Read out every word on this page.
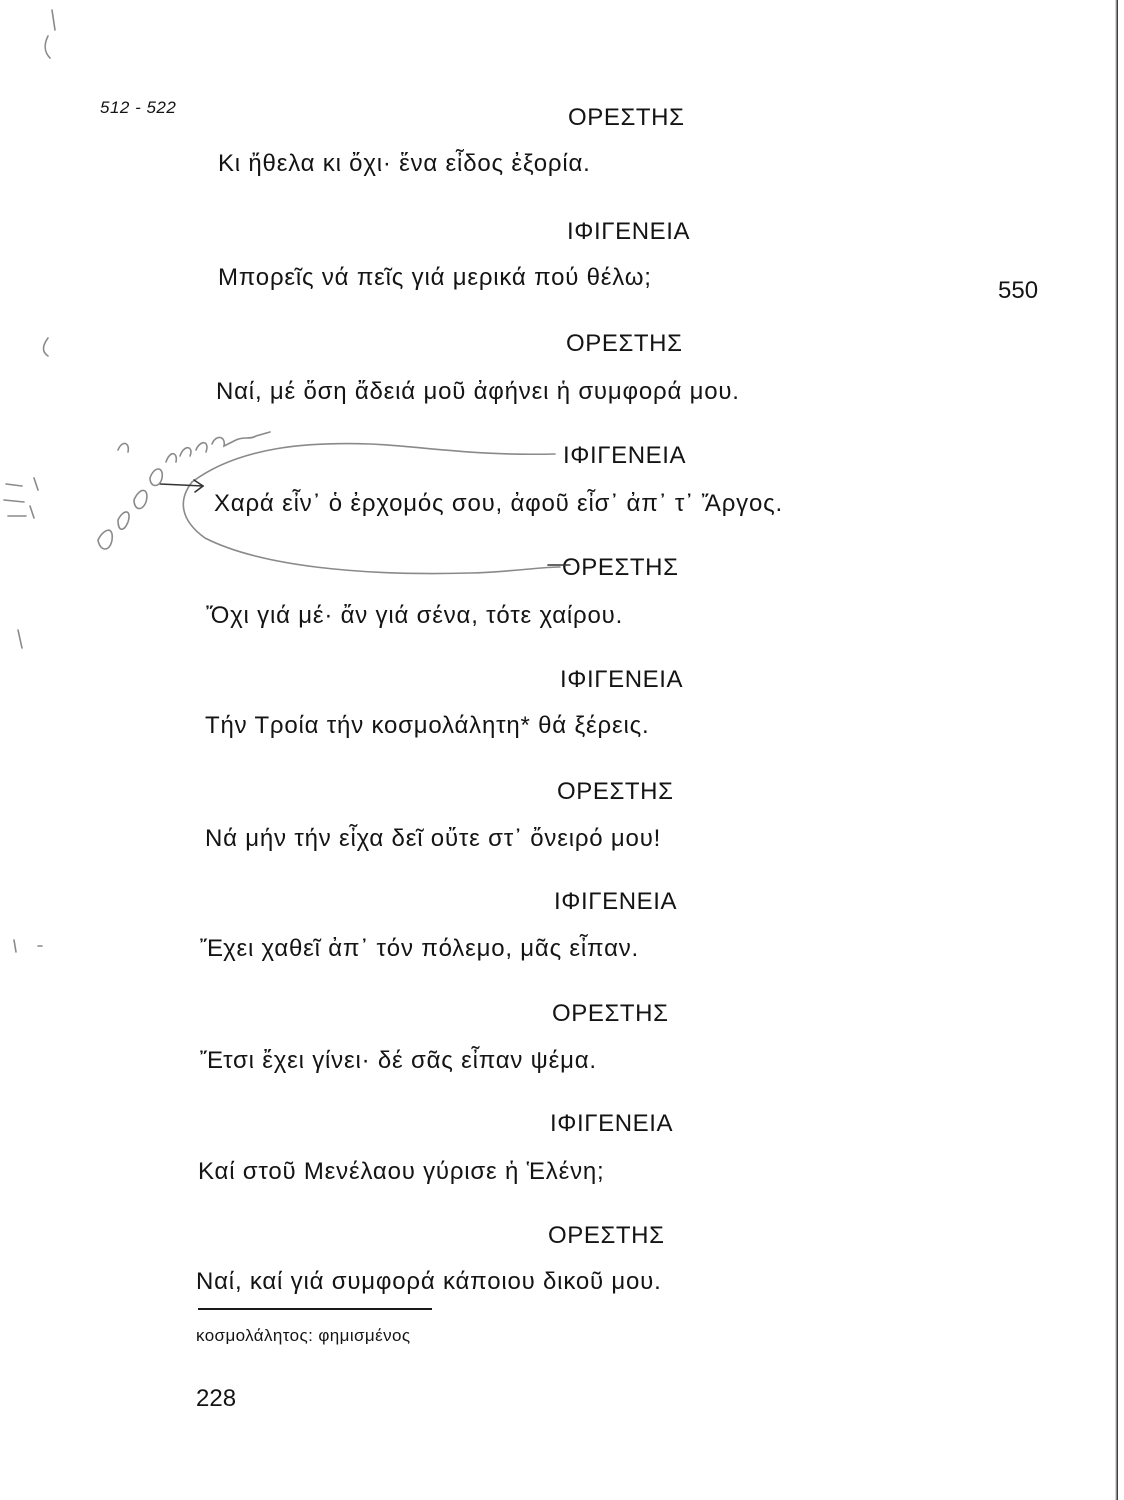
512 - 522
550
ΟΡΕΣΤΗΣ
Κι ἤθελα κι ὄχι· ἕνα εἶδος ἐξορία.
ΙΦΙΓΕΝΕΙΑ
Μπορεῖς νά πεῖς γιά μερικά πού θέλω;
ΟΡΕΣΤΗΣ
Ναί, μέ ὅση ἄδειά μοῦ ἀφήνει ἡ συμφορά μου.
ΙΦΙΓΕΝΕΙΑ
Χαρά εἶν᾽ ὁ ἐρχομός σου, ἀφοῦ εἶσ᾽ ἀπ᾽ τ᾽ Ἄργος.
ΟΡΕΣΤΗΣ
Ὄχι γιά μέ· ἄν γιά σένα, τότε χαίρου.
ΙΦΙΓΕΝΕΙΑ
Τήν Τροία τήν κοσμολάλητη* θά ξέρεις.
ΟΡΕΣΤΗΣ
Νά μήν τήν εἶχα δεῖ οὔτε στ᾽ ὄνειρό μου!
ΙΦΙΓΕΝΕΙΑ
Ἔχει χαθεῖ ἀπ᾽ τόν πόλεμο, μᾶς εἶπαν.
ΟΡΕΣΤΗΣ
Ἔτσι ἔχει γίνει· δέ σᾶς εἶπαν ψέμα.
ΙΦΙΓΕΝΕΙΑ
Καί στοῦ Μενέλαου γύρισε ἡ Ἑλένη;
ΟΡΕΣΤΗΣ
Ναί, καί γιά συμφορά κάποιου δικοῦ μου.
κοσμολάλητος: φημισμένος
228
